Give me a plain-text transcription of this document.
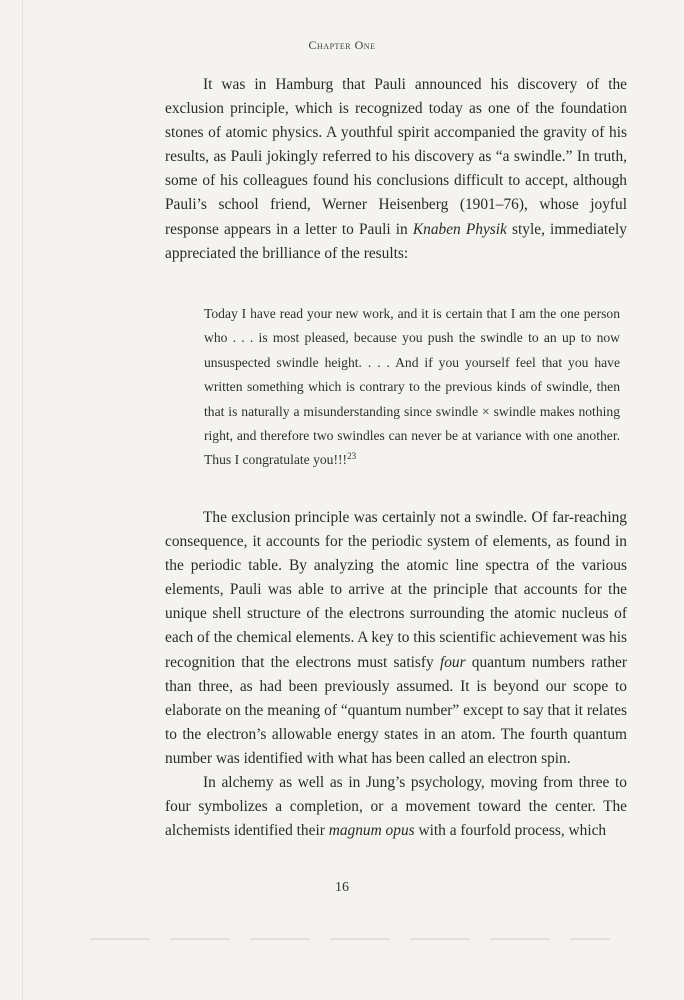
Chapter One

It was in Hamburg that Pauli announced his discovery of the exclusion principle, which is recognized today as one of the foundation stones of atomic physics. A youthful spirit accompanied the gravity of his results, as Pauli jokingly referred to his discovery as “a swindle.” In truth, some of his colleagues found his conclusions difficult to accept, although Pauli’s school friend, Werner Heisenberg (1901–76), whose joyful response appears in a letter to Pauli in Knaben Physik style, immediately appreciated the brilliance of the results:

Today I have read your new work, and it is certain that I am the one person who . . . is most pleased, because you push the swindle to an up to now unsuspected swindle height. . . . And if you yourself feel that you have written something which is contrary to the previous kinds of swindle, then that is naturally a misunderstanding since swindle × swindle makes nothing right, and therefore two swindles can never be at variance with one another. Thus I congratulate you!!!$^{23}$

The exclusion principle was certainly not a swindle. Of far-reaching consequence, it accounts for the periodic system of elements, as found in the periodic table. By analyzing the atomic line spectra of the various elements, Pauli was able to arrive at the principle that accounts for the unique shell structure of the electrons surrounding the atomic nucleus of each of the chemical elements. A key to this scientific achievement was his recognition that the electrons must satisfy four quantum numbers rather than three, as had been previously assumed. It is beyond our scope to elaborate on the meaning of “quantum number” except to say that it relates to the electron’s allowable energy states in an atom. The fourth quantum number was identified with what has been called an electron spin.

In alchemy as well as in Jung’s psychology, moving from three to four symbolizes a completion, or a movement toward the center. The alchemists identified their magnum opus with a fourfold process, which

16
